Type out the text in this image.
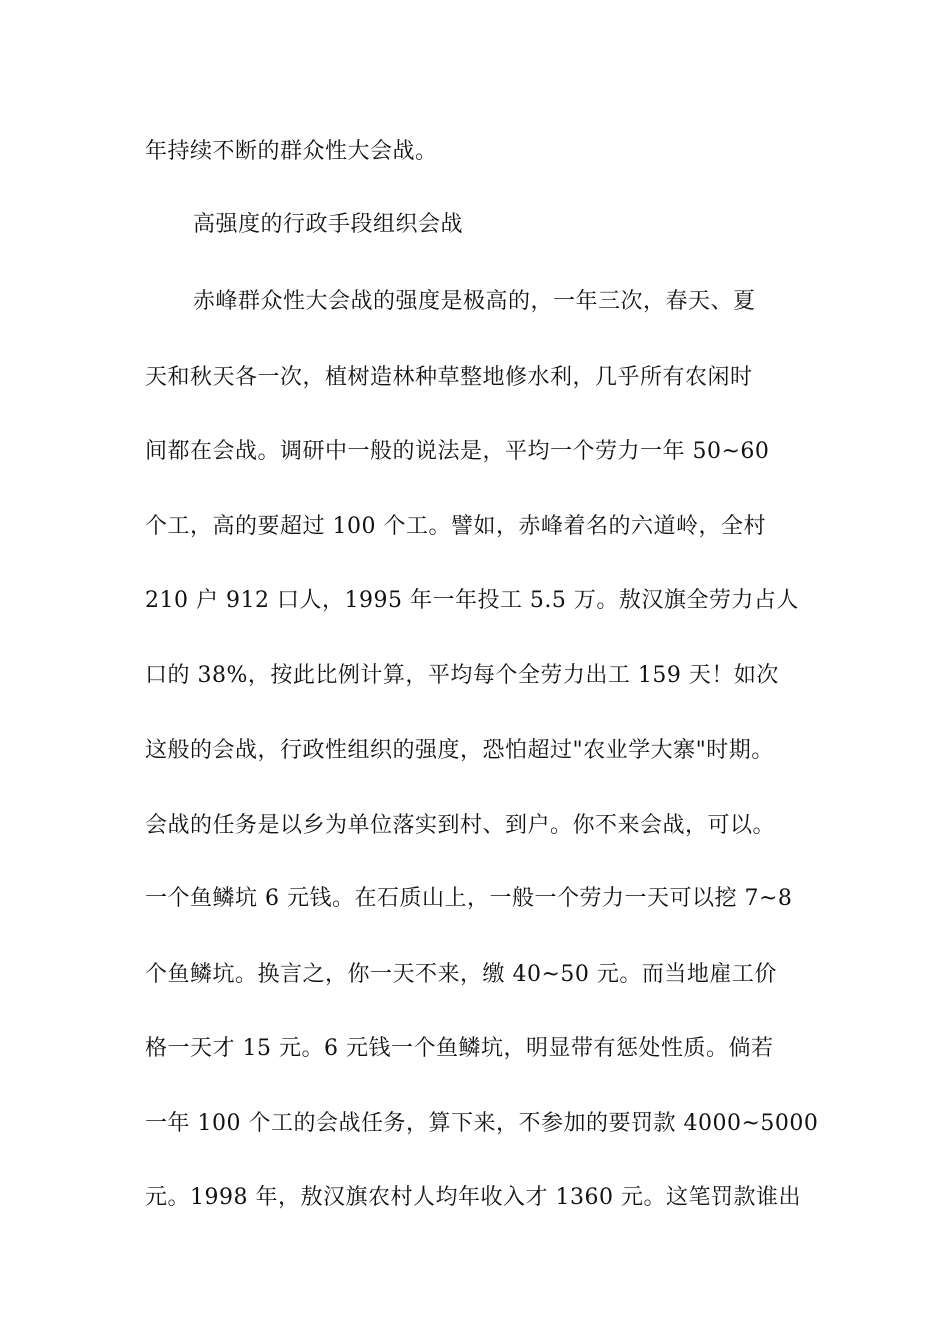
年持续不断的群众性大会战。
高强度的行政手段组织会战
赤峰群众性大会战的强度是极高的，一年三次，春天、夏
天和秋天各一次，植树造林种草整地修水利，几乎所有农闲时
间都在会战。调研中一般的说法是，平均一个劳力一年 50~60
个工，高的要超过 100 个工。譬如，赤峰着名的六道岭，全村
210 户 912 口人，1995 年一年投工 5.5 万。敖汉旗全劳力占人
口的 38%，按此比例计算，平均每个全劳力出工 159 天！如次
这般的会战，行政性组织的强度，恐怕超过"农业学大寨"时期。
会战的任务是以乡为单位落实到村、到户。你不来会战，可以。
一个鱼鳞坑 6 元钱。在石质山上，一般一个劳力一天可以挖 7~8
个鱼鳞坑。换言之，你一天不来，缴 40~50 元。而当地雇工价
格一天才 15 元。6 元钱一个鱼鳞坑，明显带有惩处性质。倘若
一年 100 个工的会战任务，算下来，不参加的要罚款 4000~5000
元。1998 年，敖汉旗农村人均年收入才 1360 元。这笔罚款谁出
